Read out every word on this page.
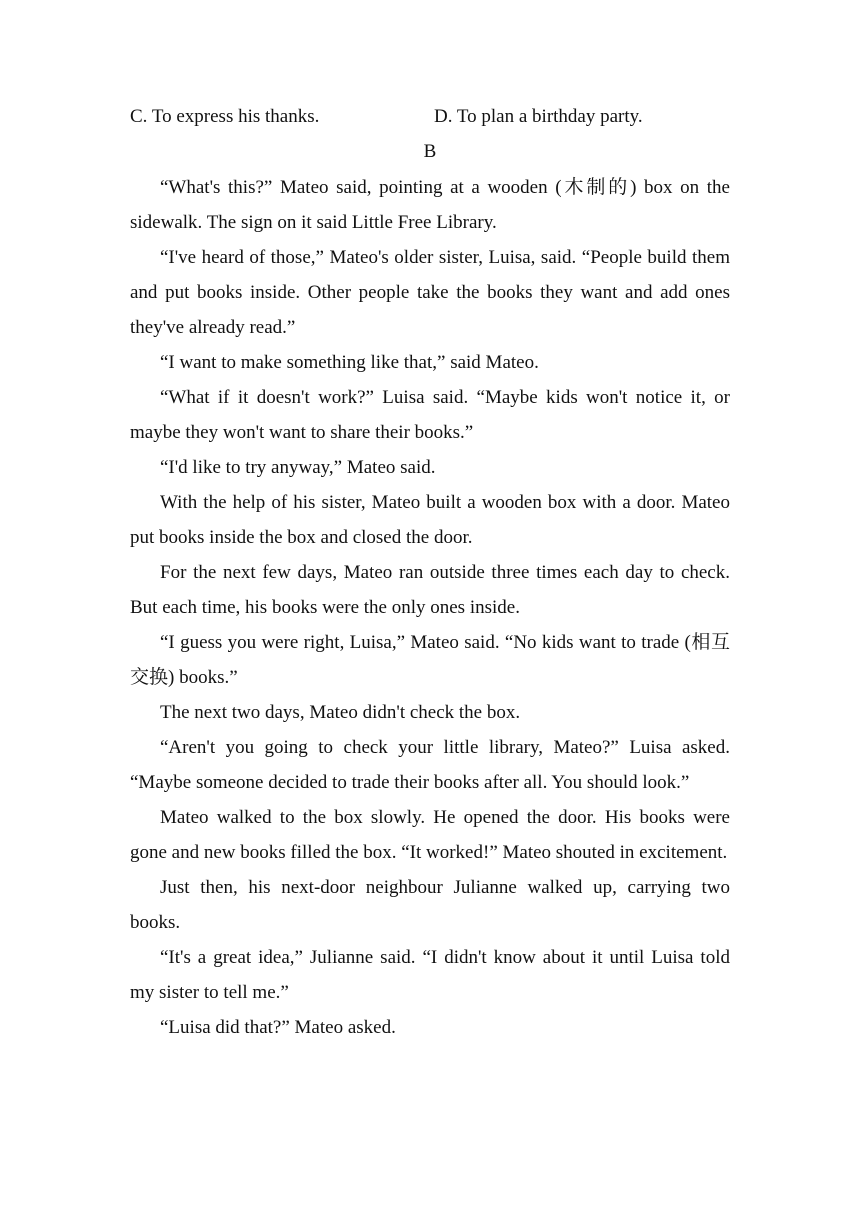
C. To express his thanks.	D. To plan a birthday party.
B

“What's this?” Mateo said, pointing at a wooden (木制的) box on the sidewalk. The sign on it said Little Free Library.

“I've heard of those,” Mateo's older sister, Luisa, said. “People build them and put books inside. Other people take the books they want and add ones they've already read.”

“I want to make something like that,” said Mateo.

“What if it doesn't work?” Luisa said. “Maybe kids won't notice it, or maybe they won't want to share their books.”

“I'd like to try anyway,” Mateo said.

With the help of his sister, Mateo built a wooden box with a door. Mateo put books inside the box and closed the door.

For the next few days, Mateo ran outside three times each day to check. But each time, his books were the only ones inside.

“I guess you were right, Luisa,” Mateo said. “No kids want to trade (相互交换) books.”

The next two days, Mateo didn't check the box.

“Aren't you going to check your little library, Mateo?” Luisa asked. “Maybe someone decided to trade their books after all. You should look.”

Mateo walked to the box slowly. He opened the door. His books were gone and new books filled the box. “It worked!” Mateo shouted in excitement.

Just then, his next-door neighbour Julianne walked up, carrying two books.

“It's a great idea,” Julianne said. “I didn't know about it until Luisa told my sister to tell me.”

“Luisa did that?” Mateo asked.
